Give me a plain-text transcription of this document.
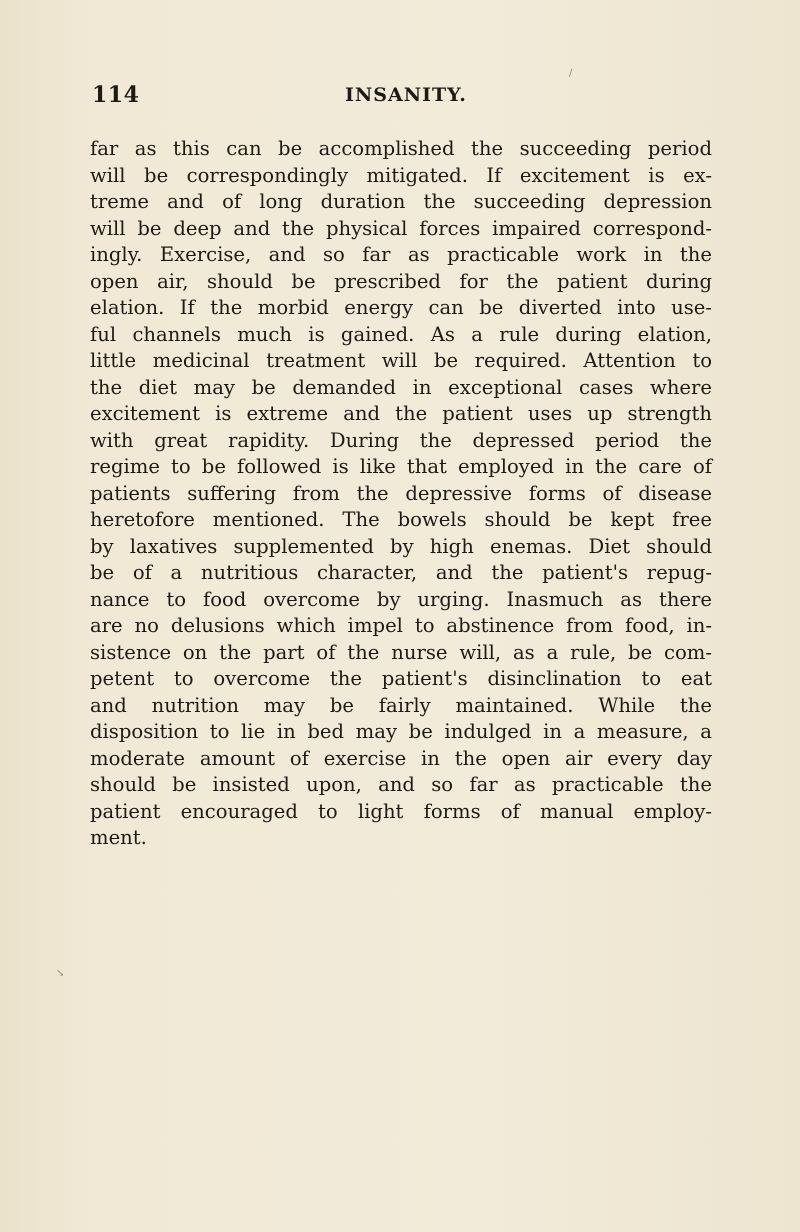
114	INSANITY.
far as this can be accomplished the succeeding period
will be correspondingly mitigated. If excitement is ex-
treme and of long duration the succeeding depression
will be deep and the physical forces impaired correspond-
ingly. Exercise, and so far as practicable work in the
open air, should be prescribed for the patient during
elation. If the morbid energy can be diverted into use-
ful channels much is gained. As a rule during elation,
little medicinal treatment will be required. Attention to
the diet may be demanded in exceptional cases where
excitement is extreme and the patient uses up strength
with great rapidity. During the depressed period the
regime to be followed is like that employed in the care of
patients suffering from the depressive forms of disease
heretofore mentioned. The bowels should be kept free
by laxatives supplemented by high enemas. Diet should
be of a nutritious character, and the patient's repug-
nance to food overcome by urging. Inasmuch as there
are no delusions which impel to abstinence from food, in-
sistence on the part of the nurse will, as a rule, be com-
petent to overcome the patient's disinclination to eat
and nutrition may be fairly maintained. While the
disposition to lie in bed may be indulged in a measure, a
moderate amount of exercise in the open air every day
should be insisted upon, and so far as practicable the
patient encouraged to light forms of manual employ-
ment.
/
↘
